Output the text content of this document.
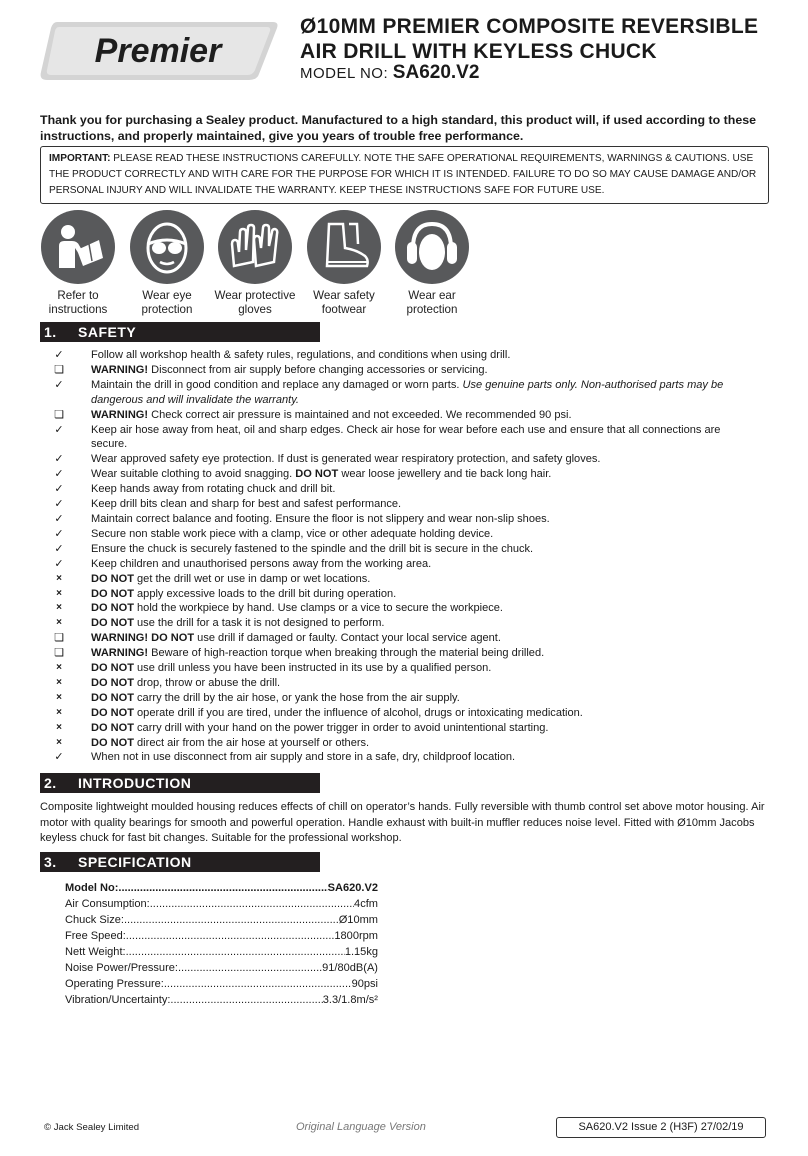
Premier
Ø10MM PREMIER COMPOSITE REVERSIBLE
AIR DRILL WITH KEYLESS CHUCK
MODEL NO: SA620.V2
Thank you for purchasing a Sealey product. Manufactured to a high standard, this product will, if used according to these instructions, and properly maintained, give you years of trouble free performance.
IMPORTANT: PLEASE READ THESE INSTRUCTIONS CAREFULLY. NOTE THE SAFE OPERATIONAL REQUIREMENTS, WARNINGS & CAUTIONS. USE THE PRODUCT CORRECTLY AND WITH CARE FOR THE PURPOSE FOR WHICH IT IS INTENDED. FAILURE TO DO SO MAY CAUSE DAMAGE AND/OR PERSONAL INJURY AND WILL INVALIDATE THE WARRANTY. KEEP THESE INSTRUCTIONS SAFE FOR FUTURE USE.
Refer to
instructions
Wear eye
protection
Wear protective
gloves
Wear safety
footwear
Wear ear
protection
1. SAFETY
✓ Follow all workshop health & safety rules, regulations, and conditions when using drill.
❏ WARNING! Disconnect from air supply before changing accessories or servicing.
✓ Maintain the drill in good condition and replace any damaged or worn parts. Use genuine parts only. Non-authorised parts may be dangerous and will invalidate the warranty.
❏ WARNING! Check correct air pressure is maintained and not exceeded. We recommended 90 psi.
✓ Keep air hose away from heat, oil and sharp edges. Check air hose for wear before each use and ensure that all connections are secure.
✓ Wear approved safety eye protection. If dust is generated wear respiratory protection, and safety gloves.
✓ Wear suitable clothing to avoid snagging. DO NOT wear loose jewellery and tie back long hair.
✓ Keep hands away from rotating chuck and drill bit.
✓ Keep drill bits clean and sharp for best and safest performance.
✓ Maintain correct balance and footing. Ensure the floor is not slippery and wear non-slip shoes.
✓ Secure non stable work piece with a clamp, vice or other adequate holding device.
✓ Ensure the chuck is securely fastened to the spindle and the drill bit is secure in the chuck.
✓ Keep children and unauthorised persons away from the working area.
×	DO NOT get the drill wet or use in damp or wet locations.
×	DO NOT apply excessive loads to the drill bit during operation.
×	DO NOT hold the workpiece by hand. Use clamps or a vice to secure the workpiece.
×	DO NOT use the drill for a task it is not designed to perform.
❏ WARNING! DO NOT use drill if damaged or faulty. Contact your local service agent.
❏ WARNING! Beware of high-reaction torque when breaking through the material being drilled.
×	DO NOT use drill unless you have been instructed in its use by a qualified person.
×	DO NOT drop, throw or abuse the drill.
×	DO NOT carry the drill by the air hose, or yank the hose from the air supply.
×	DO NOT operate drill if you are tired, under the influence of alcohol, drugs or intoxicating medication.
×	DO NOT carry drill with your hand on the power trigger in order to avoid unintentional starting.
×	DO NOT direct air from the air hose at yourself or others.
✓ When not in use disconnect from air supply and store in a safe, dry, childproof location.
2. INTRODUCTION
Composite lightweight moulded housing reduces effects of chill on operator’s hands. Fully reversible with thumb control set above motor housing. Air motor with quality bearings for smooth and powerful operation. Handle exhaust with built-in muffler reduces noise level. Fitted with Ø10mm Jacobs keyless chuck for fast bit changes. Suitable for the professional workshop.
3. SPECIFICATION
Model No: .....	SA620.V2
Air Consumption: .....	4cfm
Chuck Size: .....	Ø10mm
Free Speed: .....	1800rpm
Nett Weight: .....	1.15kg
Noise Power/Pressure: .....	91/80dB(A)
Operating Pressure: .....	90psi
Vibration/Uncertainty: .....	3.3/1.8m/s²
© Jack Sealey Limited	Original Language Version	SA620.V2 Issue 2 (H3F) 27/02/19
